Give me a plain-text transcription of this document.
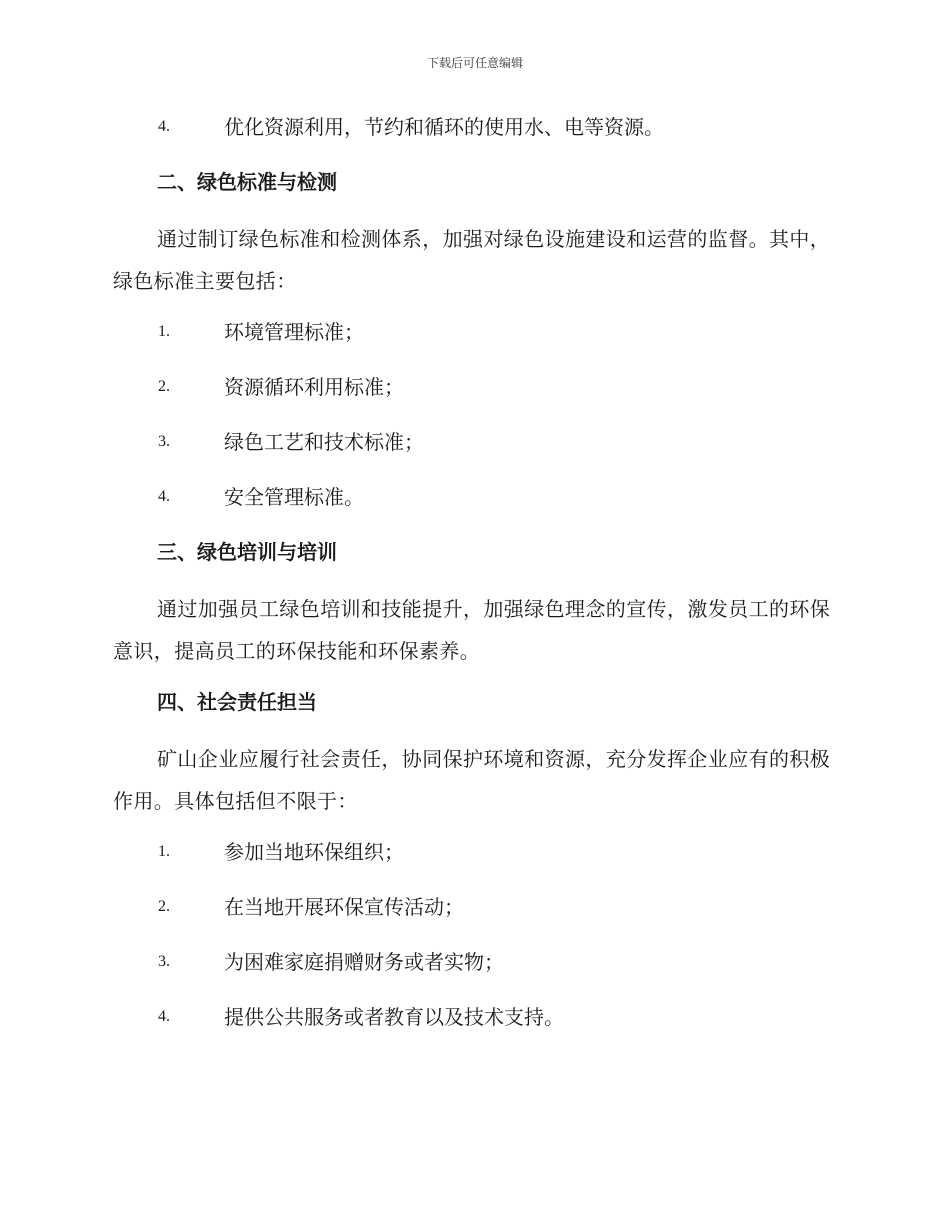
下载后可任意编辑
4.	优化资源利用，节约和循环的使用水、电等资源。
二、绿色标准与检测
通过制订绿色标准和检测体系，加强对绿色设施建设和运营的监督。其中，绿色标准主要包括：
1.	环境管理标准；
2.	资源循环利用标准；
3.	绿色工艺和技术标准；
4.	安全管理标准。
三、绿色培训与培训
通过加强员工绿色培训和技能提升，加强绿色理念的宣传，激发员工的环保意识，提高员工的环保技能和环保素养。
四、社会责任担当
矿山企业应履行社会责任，协同保护环境和资源，充分发挥企业应有的积极作用。具体包括但不限于：
1.	参加当地环保组织；
2.	在当地开展环保宣传活动；
3.	为困难家庭捐赠财务或者实物；
4.	提供公共服务或者教育以及技术支持。
